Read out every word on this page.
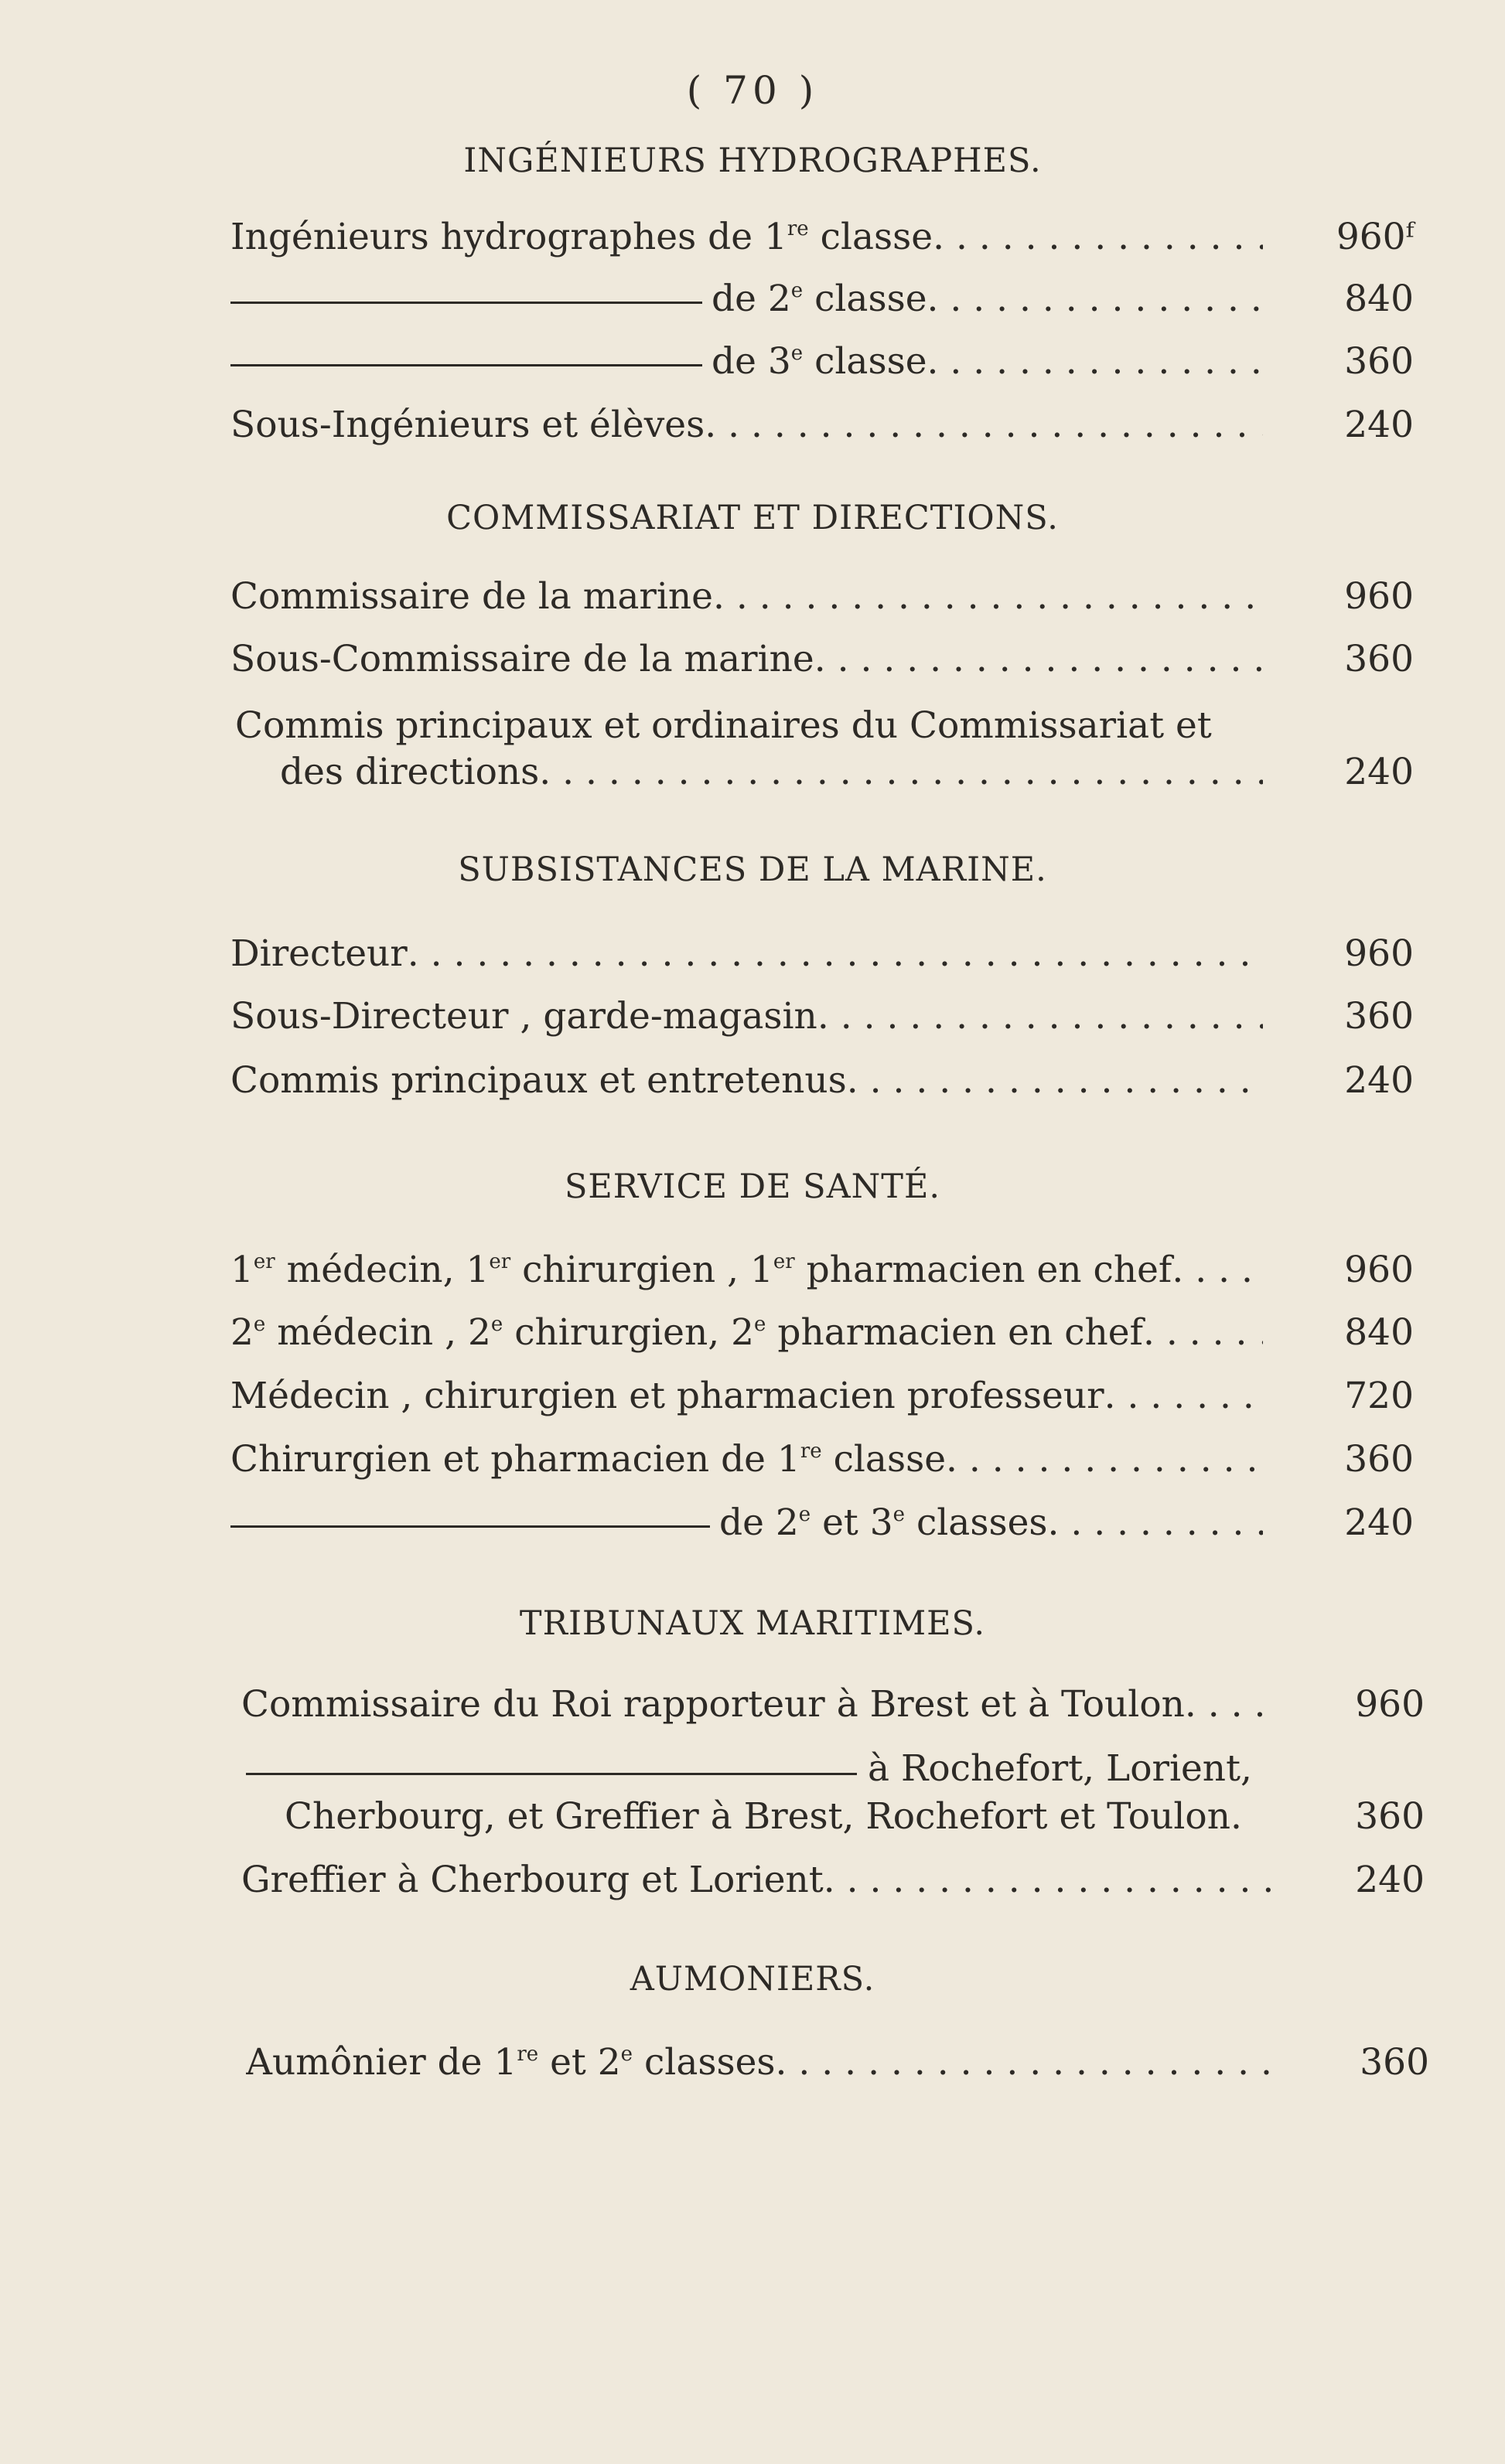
( 70 )
INGÉNIEURS HYDROGRAPHES.
Ingénieurs hydrographes de 1re classe . . .	960ᶠ
de 2e classe . . .	840
de 3e classe . . .	360
Sous-Ingénieurs et élèves . . .	240
COMMISSARIAT ET DIRECTIONS.
Commissaire de la marine . . .	960
Sous-Commissaire de la marine . . .	360
Commis principaux et ordinaires du Commissariat et
des directions . . .	240
SUBSISTANCES DE LA MARINE.
Directeur . . .	960
Sous-Directeur , garde-magasin . . .	360
Commis principaux et entretenus . . .	240
SERVICE DE SANTÉ.
1er médecin, 1er chirurgien , 1er pharmacien en chef . . .	960
2e médecin , 2e chirurgien, 2e pharmacien en chef . . .	840
Médecin , chirurgien et pharmacien professeur . . .	720
Chirurgien et pharmacien de 1re classe . . .	360
de 2e et 3e classes . . .	240
TRIBUNAUX MARITIMES.
Commissaire du Roi rapporteur à Brest et à Toulon . . .	960
à Rochefort, Lorient,
Cherbourg, et Greffier à Brest, Rochefort et Toulon.	360
Greffier à Cherbourg et Lorient . . .	240
AUMONIERS.
Aumônier de 1re et 2e classes . . .	360
